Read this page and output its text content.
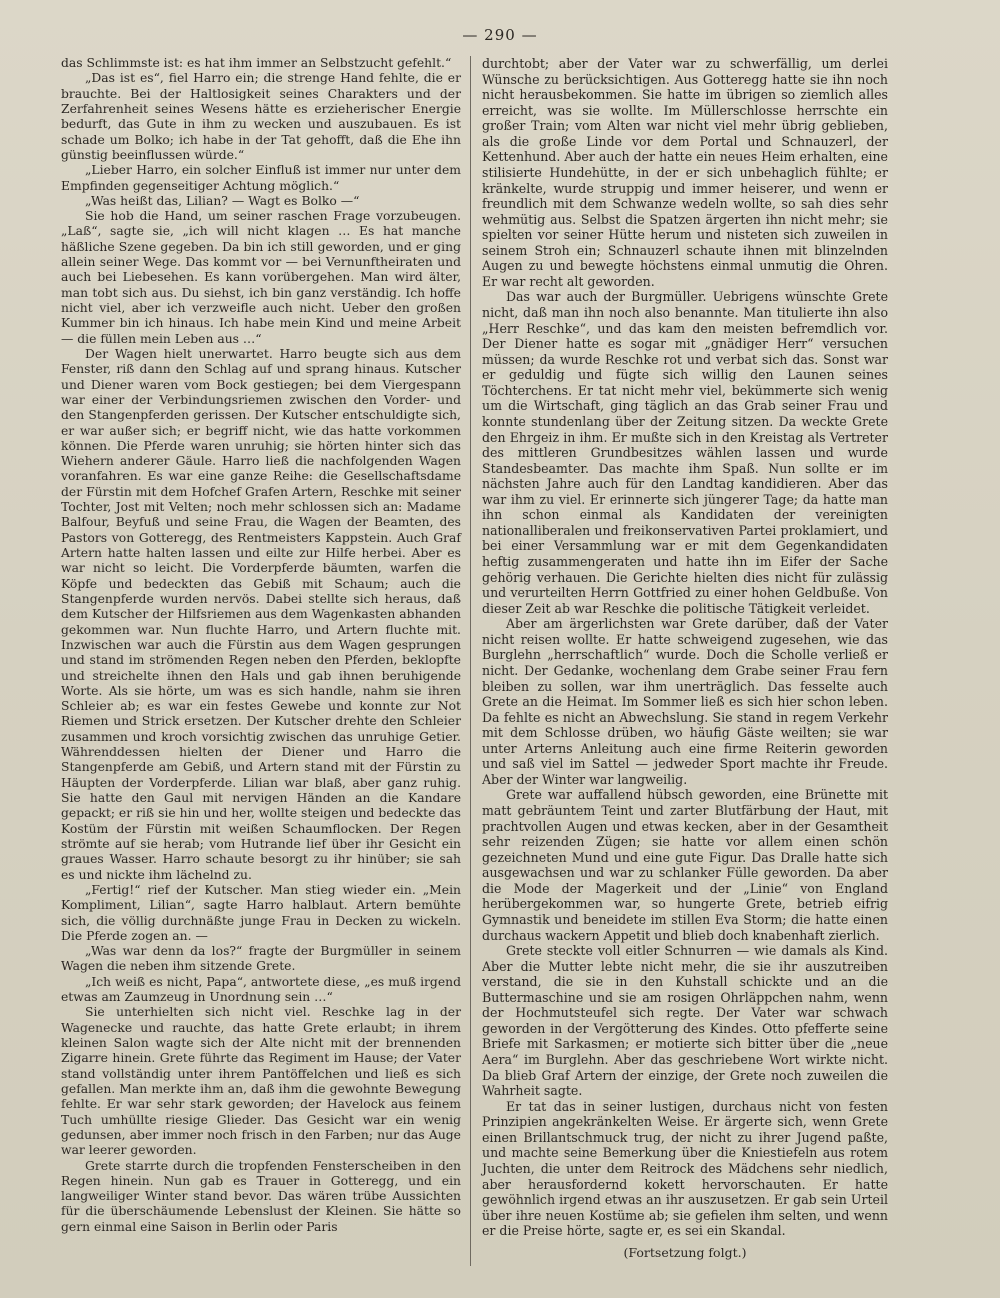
— 290 —

das Schlimmste ist: es hat ihm immer an Selbstzucht gefehlt.“

„Das ist es“, fiel Harro ein; die strenge Hand fehlte, die er brauchte. Bei der Haltlosigkeit seines Charakters und der Zerfahrenheit seines Wesens hätte es erzieherischer Energie bedurft, das Gute in ihm zu wecken und auszubauen. Es ist schade um Bolko; ich habe in der Tat gehofft, daß die Ehe ihn günstig beeinflussen würde.“

„Lieber Harro, ein solcher Einfluß ist immer nur unter dem Empfinden gegenseitiger Achtung möglich.“

„Was heißt das, Lilian? — Wagt es Bolko —“

Sie hob die Hand, um seiner raschen Frage vorzubeugen. „Laß“, sagte sie, „ich will nicht klagen … Es hat manche häßliche Szene gegeben. Da bin ich still geworden, und er ging allein seiner Wege. Das kommt vor — bei Vernunftheiraten und auch bei Liebesehen. Es kann vorübergehen. Man wird älter, man tobt sich aus. Du siehst, ich bin ganz verständig. Ich hoffe nicht viel, aber ich verzweifle auch nicht. Ueber den großen Kummer bin ich hinaus. Ich habe mein Kind und meine Arbeit — die füllen mein Leben aus …“

Der Wagen hielt unerwartet. Harro beugte sich aus dem Fenster, riß dann den Schlag auf und sprang hinaus. Kutscher und Diener waren vom Bock gestiegen; bei dem Viergespann war einer der Verbindungsriemen zwischen den Vorder- und den Stangenpferden gerissen. Der Kutscher entschuldigte sich, er war außer sich; er begriff nicht, wie das hatte vorkommen können. Die Pferde waren unruhig; sie hörten hinter sich das Wiehern anderer Gäule. Harro ließ die nachfolgenden Wagen voranfahren. Es war eine ganze Reihe: die Gesellschaftsdame der Fürstin mit dem Hofchef Grafen Artern, Reschke mit seiner Tochter, Jost mit Velten; noch mehr schlossen sich an: Madame Balfour, Beyfuß und seine Frau, die Wagen der Beamten, des Pastors von Gotteregg, des Rentmeisters Kappstein. Auch Graf Artern hatte halten lassen und eilte zur Hilfe herbei. Aber es war nicht so leicht. Die Vorderpferde bäumten, warfen die Köpfe und bedeckten das Gebiß mit Schaum; auch die Stangenpferde wurden nervös. Dabei stellte sich heraus, daß dem Kutscher der Hilfsriemen aus dem Wagenkasten abhanden gekommen war. Nun fluchte Harro, und Artern fluchte mit. Inzwischen war auch die Fürstin aus dem Wagen gesprungen und stand im strömenden Regen neben den Pferden, beklopfte und streichelte ihnen den Hals und gab ihnen beruhigende Worte. Als sie hörte, um was es sich handle, nahm sie ihren Schleier ab; es war ein festes Gewebe und konnte zur Not Riemen und Strick ersetzen. Der Kutscher drehte den Schleier zusammen und kroch vorsichtig zwischen das unruhige Getier. Währenddessen hielten der Diener und Harro die Stangenpferde am Gebiß, und Artern stand mit der Fürstin zu Häupten der Vorderpferde. Lilian war blaß, aber ganz ruhig. Sie hatte den Gaul mit nervigen Händen an die Kandare gepackt; er riß sie hin und her, wollte steigen und bedeckte das Kostüm der Fürstin mit weißen Schaumflocken. Der Regen strömte auf sie herab; vom Hutrande lief über ihr Gesicht ein graues Wasser. Harro schaute besorgt zu ihr hinüber; sie sah es und nickte ihm lächelnd zu.

„Fertig!“ rief der Kutscher. Man stieg wieder ein. „Mein Kompliment, Lilian“, sagte Harro halblaut. Artern bemühte sich, die völlig durchnäßte junge Frau in Decken zu wickeln. Die Pferde zogen an. —

„Was war denn da los?“ fragte der Burgmüller in seinem Wagen die neben ihm sitzende Grete.

„Ich weiß es nicht, Papa“, antwortete diese, „es muß irgend etwas am Zaumzeug in Unordnung sein …“

Sie unterhielten sich nicht viel. Reschke lag in der Wagenecke und rauchte, das hatte Grete erlaubt; in ihrem kleinen Salon wagte sich der Alte nicht mit der brennenden Zigarre hinein. Grete führte das Regiment im Hause; der Vater stand vollständig unter ihrem Pantöffelchen und ließ es sich gefallen. Man merkte ihm an, daß ihm die gewohnte Bewegung fehlte. Er war sehr stark geworden; der Havelock aus feinem Tuch umhüllte riesige Glieder. Das Gesicht war ein wenig gedunsen, aber immer noch frisch in den Farben; nur das Auge war leerer geworden.

Grete starrte durch die tropfenden Fensterscheiben in den Regen hinein. Nun gab es Trauer in Gotteregg, und ein langweiliger Winter stand bevor. Das wären trübe Aussichten für die überschäumende Lebenslust der Kleinen. Sie hätte so gern einmal eine Saison in Berlin oder Paris

durchtobt; aber der Vater war zu schwerfällig, um derlei Wünsche zu berücksichtigen. Aus Gotteregg hatte sie ihn noch nicht herausbekommen. Sie hatte im übrigen so ziemlich alles erreicht, was sie wollte. Im Müllerschlosse herrschte ein großer Train; vom Alten war nicht viel mehr übrig geblieben, als die große Linde vor dem Portal und Schnauzerl, der Kettenhund. Aber auch der hatte ein neues Heim erhalten, eine stilisierte Hundehütte, in der er sich unbehaglich fühlte; er kränkelte, wurde struppig und immer heiserer, und wenn er freundlich mit dem Schwanze wedeln wollte, so sah dies sehr wehmütig aus. Selbst die Spatzen ärgerten ihn nicht mehr; sie spielten vor seiner Hütte herum und nisteten sich zuweilen in seinem Stroh ein; Schnauzerl schaute ihnen mit blinzelnden Augen zu und bewegte höchstens einmal unmutig die Ohren. Er war recht alt geworden.

Das war auch der Burgmüller. Uebrigens wünschte Grete nicht, daß man ihn noch also benannte. Man titulierte ihn also „Herr Reschke“, und das kam den meisten befremdlich vor. Der Diener hatte es sogar mit „gnädiger Herr“ versuchen müssen; da wurde Reschke rot und verbat sich das. Sonst war er geduldig und fügte sich willig den Launen seines Töchterchens. Er tat nicht mehr viel, bekümmerte sich wenig um die Wirtschaft, ging täglich an das Grab seiner Frau und konnte stundenlang über der Zeitung sitzen. Da weckte Grete den Ehrgeiz in ihm. Er mußte sich in den Kreistag als Vertreter des mittleren Grundbesitzes wählen lassen und wurde Standesbeamter. Das machte ihm Spaß. Nun sollte er im nächsten Jahre auch für den Landtag kandidieren. Aber das war ihm zu viel. Er erinnerte sich jüngerer Tage; da hatte man ihn schon einmal als Kandidaten der vereinigten nationalliberalen und freikonservativen Partei proklamiert, und bei einer Versammlung war er mit dem Gegenkandidaten heftig zusammengeraten und hatte ihn im Eifer der Sache gehörig verhauen. Die Gerichte hielten dies nicht für zulässig und verurteilten Herrn Gottfried zu einer hohen Geldbuße. Von dieser Zeit ab war Reschke die politische Tätigkeit verleidet.

Aber am ärgerlichsten war Grete darüber, daß der Vater nicht reisen wollte. Er hatte schweigend zugesehen, wie das Burglehn „herrschaftlich“ wurde. Doch die Scholle verließ er nicht. Der Gedanke, wochenlang dem Grabe seiner Frau fern bleiben zu sollen, war ihm unerträglich. Das fesselte auch Grete an die Heimat. Im Sommer ließ es sich hier schon leben. Da fehlte es nicht an Abwechslung. Sie stand in regem Verkehr mit dem Schlosse drüben, wo häufig Gäste weilten; sie war unter Arterns Anleitung auch eine firme Reiterin geworden und saß viel im Sattel — jedweder Sport machte ihr Freude. Aber der Winter war langweilig.

Grete war auffallend hübsch geworden, eine Brünette mit matt gebräuntem Teint und zarter Blutfärbung der Haut, mit prachtvollen Augen und etwas kecken, aber in der Gesamtheit sehr reizenden Zügen; sie hatte vor allem einen schön gezeichneten Mund und eine gute Figur. Das Dralle hatte sich ausgewachsen und war zu schlanker Fülle geworden. Da aber die Mode der Magerkeit und der „Linie“ von England herübergekommen war, so hungerte Grete, betrieb eifrig Gymnastik und beneidete im stillen Eva Storm; die hatte einen durchaus wackern Appetit und blieb doch knabenhaft zierlich.

Grete steckte voll eitler Schnurren — wie damals als Kind. Aber die Mutter lebte nicht mehr, die sie ihr auszutreiben verstand, die sie in den Kuhstall schickte und an die Buttermaschine und sie am rosigen Ohrläppchen nahm, wenn der Hochmutsteufel sich regte. Der Vater war schwach geworden in der Vergötterung des Kindes. Otto pfefferte seine Briefe mit Sarkasmen; er motierte sich bitter über die „neue Aera“ im Burglehn. Aber das geschriebene Wort wirkte nicht. Da blieb Graf Artern der einzige, der Grete noch zuweilen die Wahrheit sagte.

Er tat das in seiner lustigen, durchaus nicht von festen Prinzipien angekränkelten Weise. Er ärgerte sich, wenn Grete einen Brillantschmuck trug, der nicht zu ihrer Jugend paßte, und machte seine Bemerkung über die Kniestiefeln aus rotem Juchten, die unter dem Reitrock des Mädchens sehr niedlich, aber herausfordernd kokett hervorschauten. Er hatte gewöhnlich irgend etwas an ihr auszusetzen. Er gab sein Urteil über ihre neuen Kostüme ab; sie gefielen ihm selten, und wenn er die Preise hörte, sagte er, es sei ein Skandal.

(Fortsetzung folgt.)
